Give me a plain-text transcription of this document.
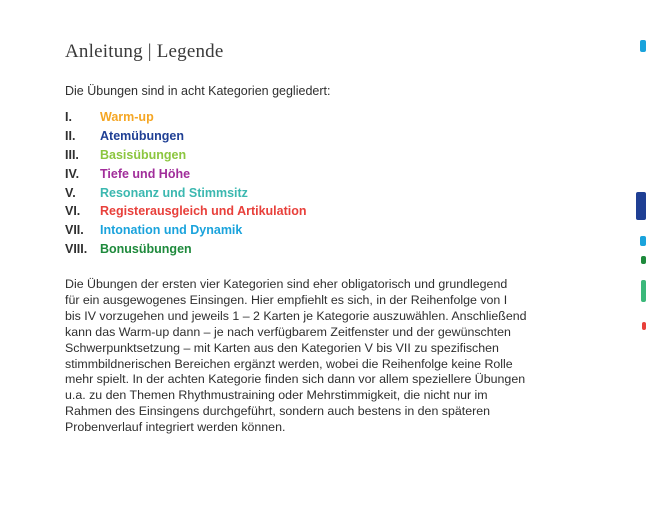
Anleitung | Legende

Die Übungen sind in acht Kategorien gegliedert:

I. Warm-up
II. Atemübungen
III. Basisübungen
IV. Tiefe und Höhe
V. Resonanz und Stimmsitz
VI. Registerausgleich und Artikulation
VII. Intonation und Dynamik
VIII. Bonusübungen

Die Übungen der ersten vier Kategorien sind eher obligatorisch und grundlegend
für ein ausgewogenes Einsingen. Hier empfiehlt es sich, in der Reihenfolge von I
bis IV vorzugehen und jeweils 1 – 2 Karten je Kategorie auszuwählen. Anschließend
kann das Warm-up dann – je nach verfügbarem Zeitfenster und der gewünschten
Schwerpunktsetzung – mit Karten aus den Kategorien V bis VII zu spezifischen
stimmbildnerischen Bereichen ergänzt werden, wobei die Reihenfolge keine Rolle
mehr spielt. In der achten Kategorie finden sich dann vor allem speziellere Übungen
u.a. zu den Themen Rhythmustraining oder Mehrstimmigkeit, die nicht nur im
Rahmen des Einsingens durchgeführt, sondern auch bestens in den späteren
Probenverlauf integriert werden können.
